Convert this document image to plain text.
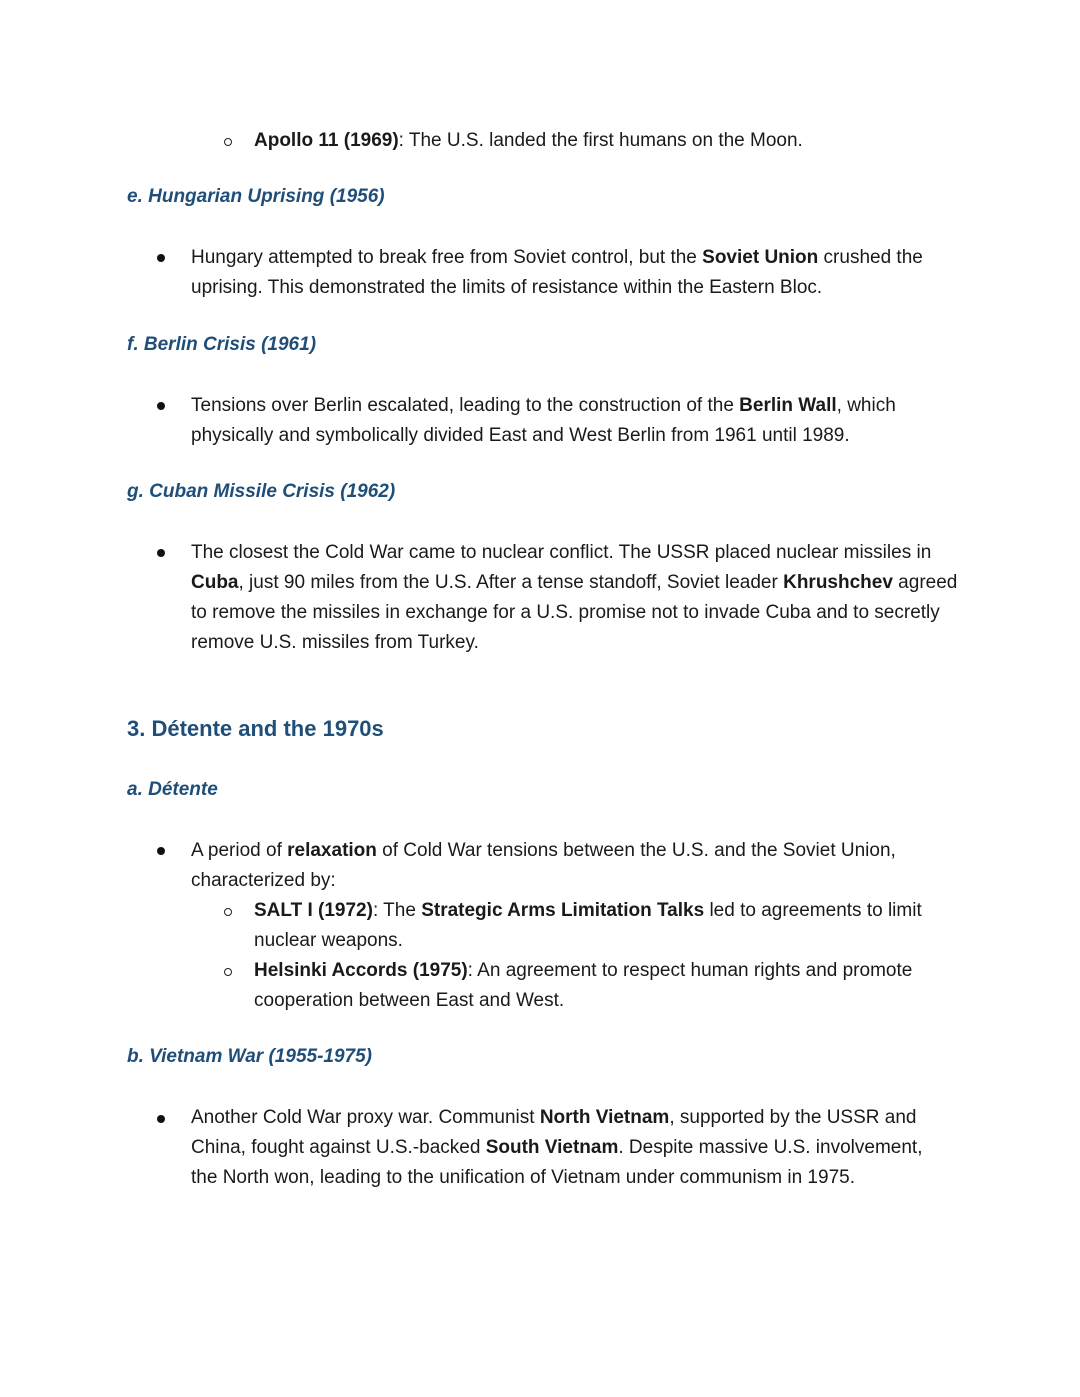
Apollo 11 (1969): The U.S. landed the first humans on the Moon.
e. Hungarian Uprising (1956)
Hungary attempted to break free from Soviet control, but the Soviet Union crushed the uprising. This demonstrated the limits of resistance within the Eastern Bloc.
f. Berlin Crisis (1961)
Tensions over Berlin escalated, leading to the construction of the Berlin Wall, which physically and symbolically divided East and West Berlin from 1961 until 1989.
g. Cuban Missile Crisis (1962)
The closest the Cold War came to nuclear conflict. The USSR placed nuclear missiles in Cuba, just 90 miles from the U.S. After a tense standoff, Soviet leader Khrushchev agreed to remove the missiles in exchange for a U.S. promise not to invade Cuba and to secretly remove U.S. missiles from Turkey.
3. Détente and the 1970s
a. Détente
A period of relaxation of Cold War tensions between the U.S. and the Soviet Union, characterized by:
SALT I (1972): The Strategic Arms Limitation Talks led to agreements to limit nuclear weapons.
Helsinki Accords (1975): An agreement to respect human rights and promote cooperation between East and West.
b. Vietnam War (1955-1975)
Another Cold War proxy war. Communist North Vietnam, supported by the USSR and China, fought against U.S.-backed South Vietnam. Despite massive U.S. involvement, the North won, leading to the unification of Vietnam under communism in 1975.
